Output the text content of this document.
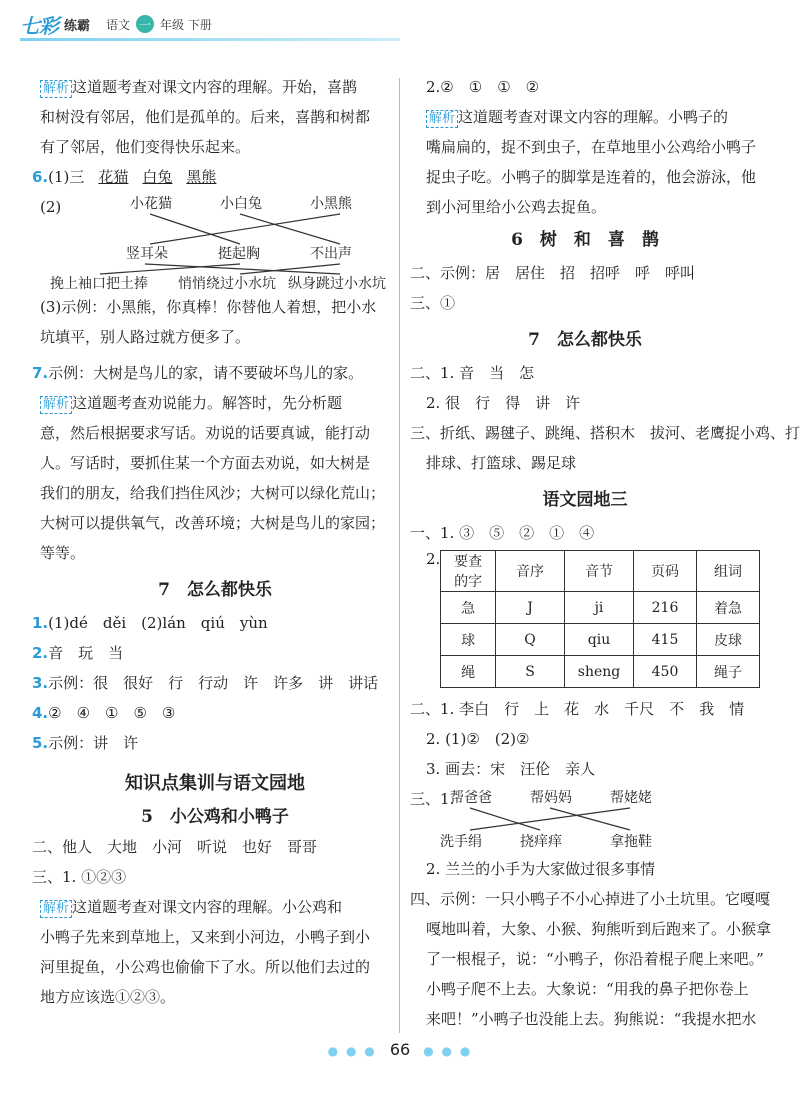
七彩 练霸 语文 一 年级 下册

解析 这道题考查对课文内容的理解。开始，喜鹊

和树没有邻居，他们是孤单的。后来，喜鹊和树都

有了邻居，他们变得快乐起来。

6.(1)三 花猫 白兔 黑熊

(2)	小花猫	小白兔	小黑熊
竖耳朵	挺起胸	不出声
挽上袖口把土捧 悄悄绕过小水坑 纵身跳过小水坑

(3)示例：小黑熊，你真棒！你替他人着想，把小水

坑填平，别人路过就方便多了。

7.示例：大树是鸟儿的家，请不要破坏鸟儿的家。

解析 这道题考查劝说能力。解答时，先分析题

意，然后根据要求写话。劝说的话要真诚，能打动

人。写话时，要抓住某一个方面去劝说，如大树是

我们的朋友，给我们挡住风沙；大树可以绿化荒山；

大树可以提供氧气，改善环境；大树是鸟儿的家园；

等等。

7　怎么都快乐

1.(1)dé　děi　(2)lán　qiú　yùn

2.音　玩　当

3.示例：很　很好　行　行动　许　许多　讲　讲话

4.②　④　①　⑤　③

5.示例：讲　许

知识点集训与语文园地

5　小公鸡和小鸭子

二、他人　大地　小河　听说　也好　哥哥

三、1. ①②③

解析 这道题考查对课文内容的理解。小公鸡和

小鸭子先来到草地上，又来到小河边，小鸭子到小

河里捉鱼，小公鸡也偷偷下了水。所以他们去过的

地方应该选①②③。

2.②　①　①　②

解析 这道题考查对课文内容的理解。小鸭子的

嘴扁扁的，捉不到虫子，在草地里小公鸡给小鸭子

捉虫子吃。小鸭子的脚掌是连着的，他会游泳，他

到小河里给小公鸡去捉鱼。

6　树　和　喜　鹊

二、示例：居　居住　招　招呼　呼　呼叫

三、①

7　怎么都快乐

二、1. 音　当　怎

2. 很　行　得　讲　许

三、折纸、踢毽子、跳绳、搭积木　拔河、老鹰捉小鸡、打

排球、打篮球、踢足球

语文园地三

一、1. ③　⑤　②　①　④

2. 要查的字	音序	音节	页码	组词
急	J	ji	216	着急
球	Q	qiu	415	皮球
绳	S	sheng	450	绳子

二、1. 李白　行　上　花　水　千尺　不　我　情

2. (1)②　(2)②

3. 画去：宋　汪伦　亲人

三、1.
帮爸爸	帮妈妈	帮姥姥
洗手绢	挠痒痒	拿拖鞋

2. 兰兰的小手为大家做过很多事情

四、示例：一只小鸭子不小心掉进了小土坑里。它嘎嘎

嘎地叫着，大象、小猴、狗熊听到后跑来了。小猴拿

了一根棍子，说：“小鸭子，你沿着棍子爬上来吧。”

小鸭子爬不上去。大象说：“用我的鼻子把你卷上

来吧！”小鸭子也没能上去。狗熊说：“我提水把水

● ● ● 66 ● ● ●
